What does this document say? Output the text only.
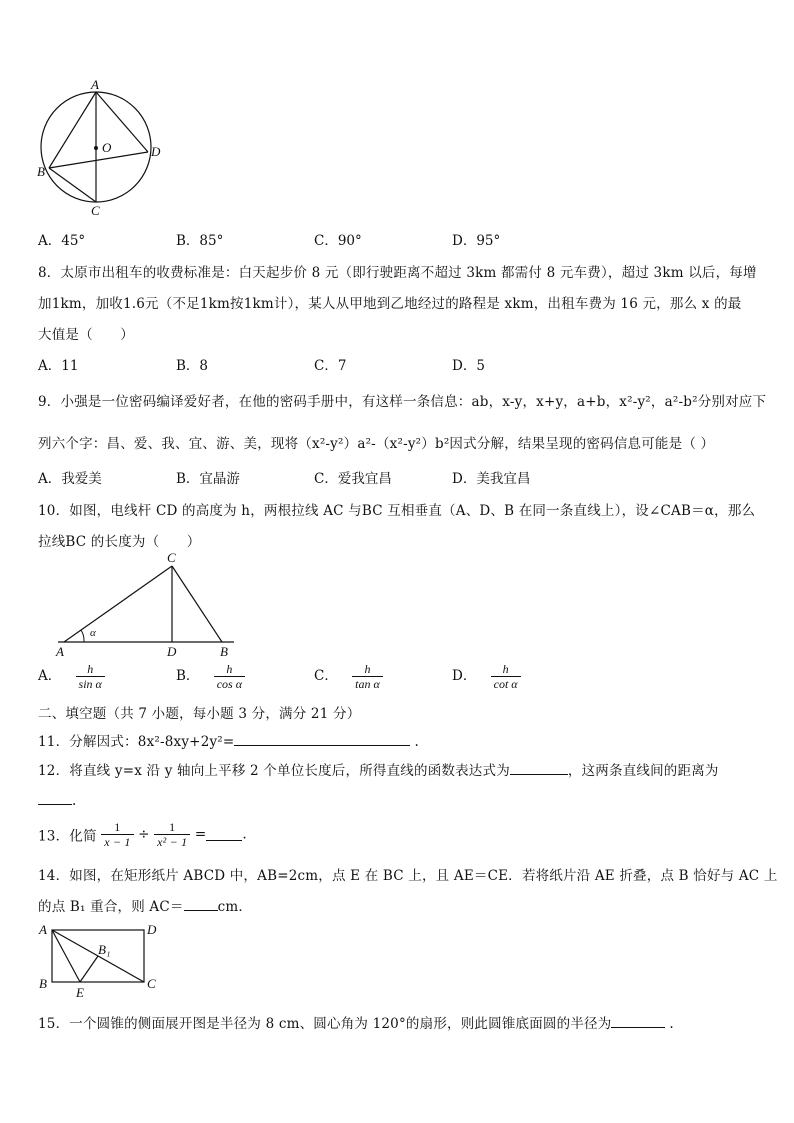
A
B
C
D
O
A．45°	B．85°	C．90°	D．95°
8．太原市出租车的收费标准是：白天起步价 8 元（即行驶距离不超过 3km 都需付 8 元车费），超过 3km 以后，每增
加1km，加收1.6元（不足1km按1km计），某人从甲地到乙地经过的路程是 xkm，出租车费为 16 元，那么 x 的最
大值是（　　）
A．11	B．8	C．7	D．5
9．小强是一位密码编译爱好者，在他的密码手册中，有这样一条信息：ab，x-y，x+y，a+b，x²-y²，a²-b²分别对应下
列六个字：昌、爱、我、宜、游、美，现将（x²-y²）a²-（x²-y²）b²因式分解，结果呈现的密码信息可能是（ ）
A．我爱美	B．宜晶游	C．爱我宜昌	D．美我宜昌
10．如图，电线杆 CD 的高度为 h，两根拉线 AC 与BC 互相垂直（A、D、B 在同一条直线上），设∠CAB＝α，那么
拉线BC 的长度为（　　）
C
A	D	B
α
A． $\frac{h}{\text{sin α}}$	B． $\frac{h}{\text{cos α}}$	C． $\frac{h}{\text{tan α}}$	D． $\frac{h}{\text{cot α}}$
二、填空题（共 7 小题，每小题 3 分，满分 21 分）
11．分解因式：8x²-8xy+2y²=	.
12．将直线 y=x 沿 y 轴向上平移 2 个单位长度后，所得直线的函数表达式为	，这两条直线间的距离为
.
13．化简 $\frac{1}{x - 1} \div \frac{1}{\text{x² − 1}}$ =	.
14．如图，在矩形纸片 ABCD 中，AB=2cm，点 E 在 BC 上，且 AE＝CE．若将纸片沿 AE 折叠，点 B 恰好与 AC 上
的点 B₁ 重合，则 AC＝	cm．
A	D
B	C
E
B₁
15．一个圆锥的侧面展开图是半径为 8 cm、圆心角为 120°的扇形，则此圆锥底面圆的半径为	.
